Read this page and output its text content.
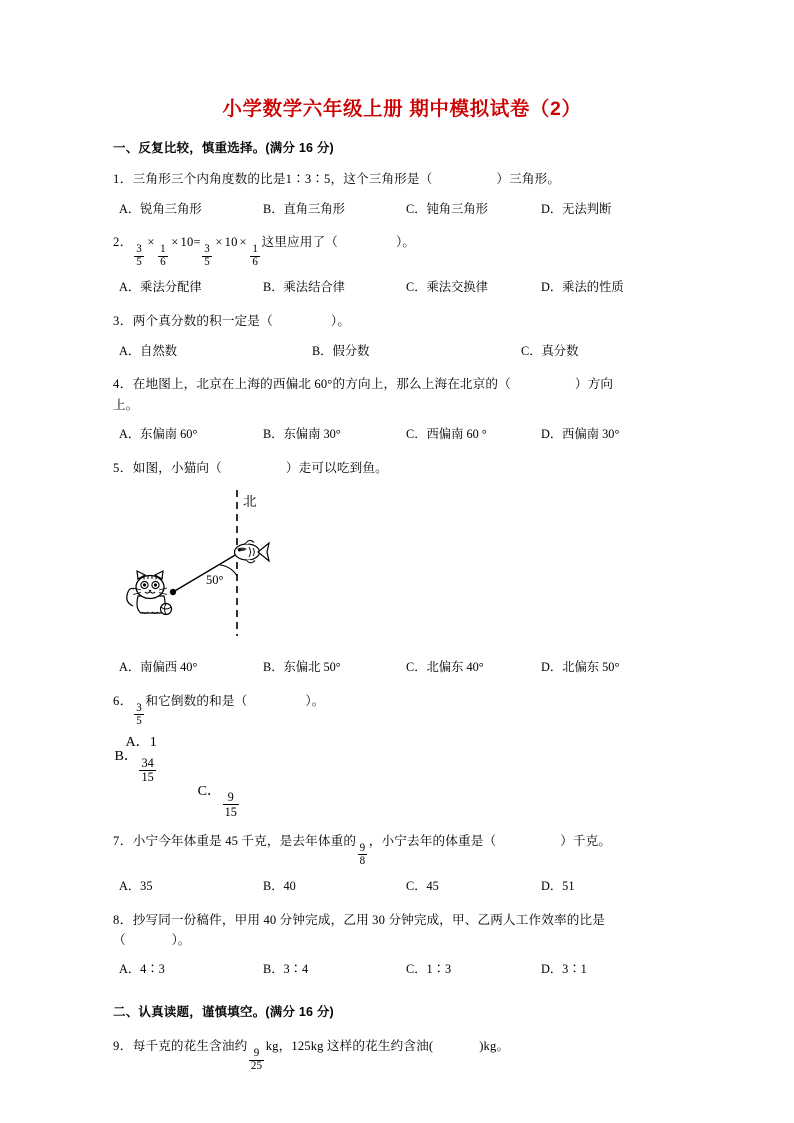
小学数学六年级上册 期中模拟试卷（2）
一、反复比较，慎重选择。(满分 16 分)
1．三角形三个内角度数的比是1∶3∶5，这个三角形是（	）三角形。
A．锐角三角形	B．直角三角形	C．钝角三角形	D．无法判断
2．
$\frac{3}{5}$
×
$\frac{1}{6}$
× 10=
$\frac{3}{5}$
× 10 ×
$\frac{1}{6}$
这里应用了（	）。
A．乘法分配律	B．乘法结合律	C．乘法交换律	D．乘法的性质
3．两个真分数的积一定是（	）。
A．自然数	B．假分数	C．真分数
4．在地图上，北京在上海的西偏北 60°的方向上，那么上海在北京的（	）方向
上。
A．东偏南 60°	B．东偏南 30°	C．西偏南 60 °	D．西偏南 30°
5．如图，小猫向（	）走可以吃到鱼。
北
50°
A．南偏西 40°	B．东偏北 50°	C．北偏东 40°	D．北偏东 50°
6．
$\frac{3}{5}$
和它倒数的和是（	）。
A．1
B．
$\frac{34}{15}$
C．
$\frac{9}{15}$
7．小宁今年体重是 45 千克，是去年体重的
$\frac{9}{8}$
，小宁去年的体重是（	）千克。
A．35	B．40	C．45	D．51
8．抄写同一份稿件，甲用 40 分钟完成，乙用 30 分钟完成，甲、乙两人工作效率的比是
（	）。
A．4∶3	B．3∶4	C．1∶3	D．3∶1
二、认真读题，谨慎填空。(满分 16 分)
9．每千克的花生含油约
$\frac{9}{25}$
kg，125kg 这样的花生约含油(	)kg。
